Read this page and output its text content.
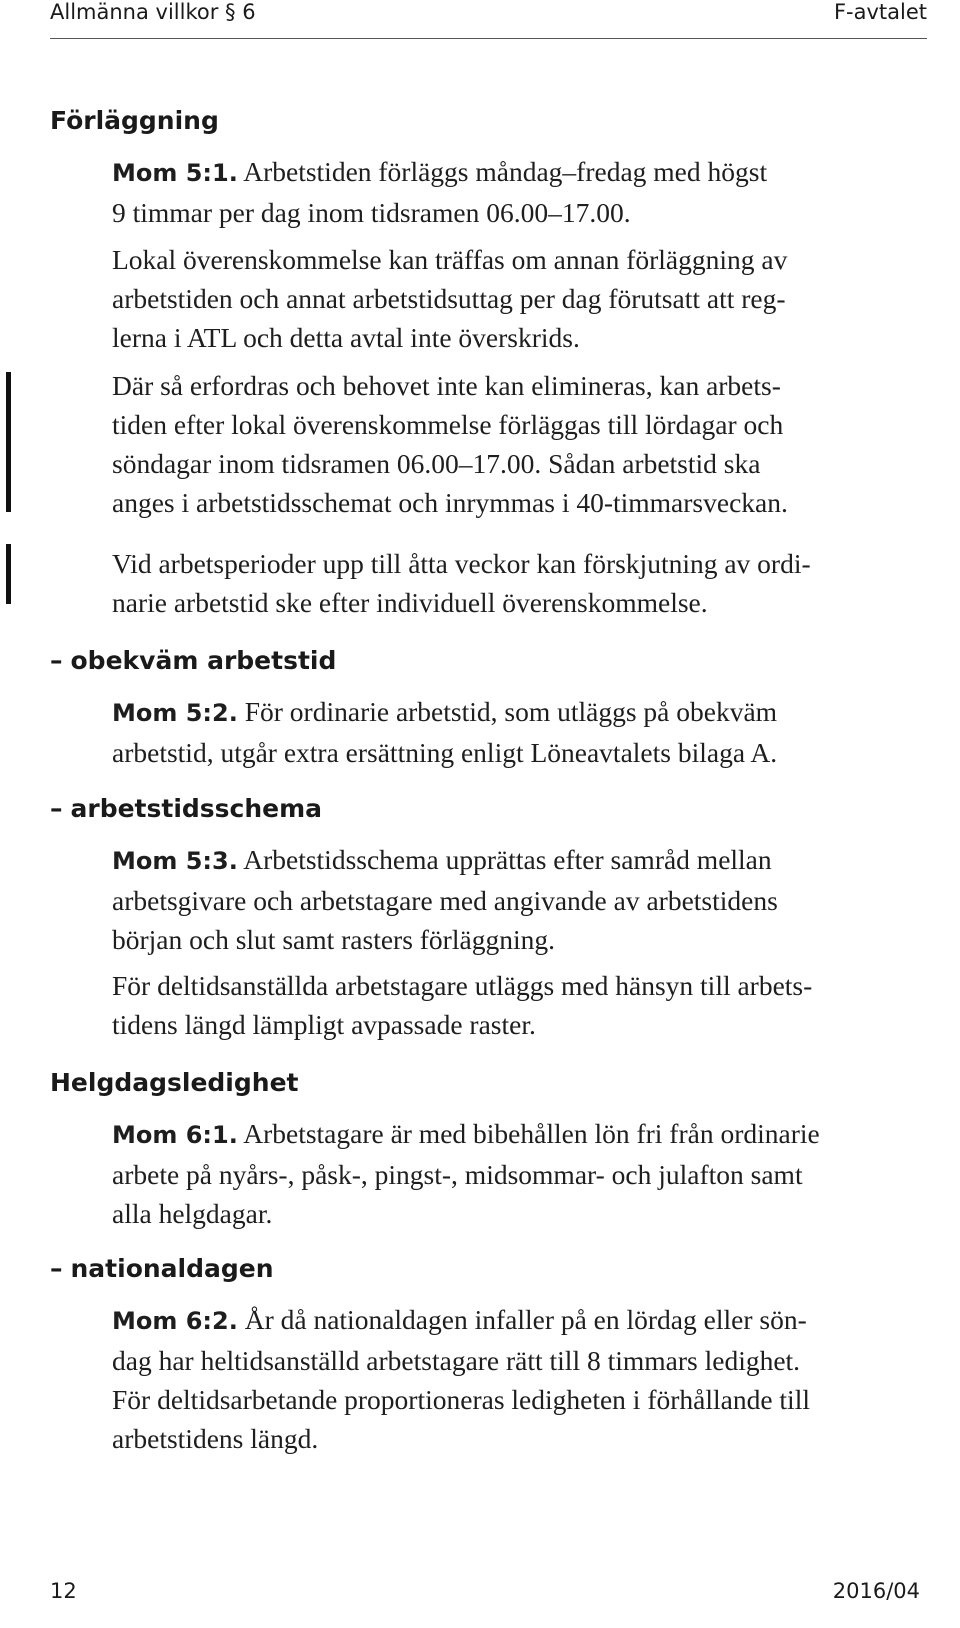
Allmänna villkor § 6	F-avtalet
Förläggning
Mom 5:1. Arbetstiden förläggs måndag–fredag med högst
9 timmar per dag inom tidsramen 06.00–17.00.
Lokal överenskommelse kan träffas om annan förläggning av
arbetstiden och annat arbetstidsuttag per dag förutsatt att reg-
lerna i ATL och detta avtal inte överskrids.
Där så erfordras och behovet inte kan elimineras, kan arbets-
tiden efter lokal överenskommelse förläggas till lördagar och
söndagar inom tidsramen 06.00–17.00. Sådan arbetstid ska
anges i arbetstidsschemat och inrymmas i 40-timmarsveckan.
Vid arbetsperioder upp till åtta veckor kan förskjutning av ordi-
narie arbetstid ske efter individuell överenskommelse.
– obekväm arbetstid
Mom 5:2. För ordinarie arbetstid, som utläggs på obekväm
arbetstid, utgår extra ersättning enligt Löneavtalets bilaga A.
– arbetstidsschema
Mom 5:3. Arbetstidsschema upprättas efter samråd mellan
arbetsgivare och arbetstagare med angivande av arbetstidens
början och slut samt rasters förläggning.
För deltidsanställda arbetstagare utläggs med hänsyn till arbets-
tidens längd lämpligt avpassade raster.
Helgdagsledighet
Mom 6:1. Arbetstagare är med bibehållen lön fri från ordinarie
arbete på nyårs-, påsk-, pingst-, midsommar- och julafton samt
alla helgdagar.
– nationaldagen
Mom 6:2. År då nationaldagen infaller på en lördag eller sön-
dag har heltidsanställd arbetstagare rätt till 8 timmars ledighet.
För deltidsarbetande proportioneras ledigheten i förhållande till
arbetstidens längd.
12	2016/04
